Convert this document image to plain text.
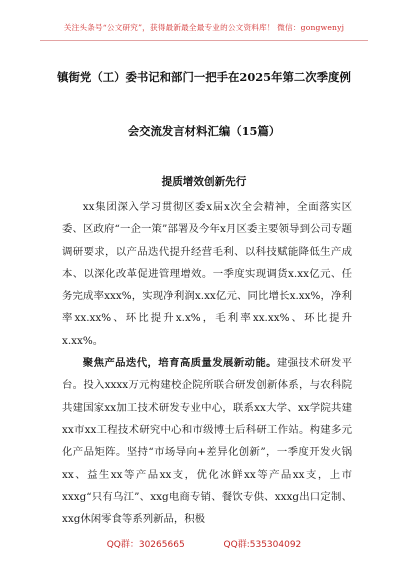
关注头条号“公文研究”，获得最新最全最专业的公文资料库！ 微信：gongwenyj
镇街党（工）委书记和部门一把手在2025年第二次季度例
会交流发言材料汇编（15篇）
提质增效创新先行

xx集团深入学习贯彻区委x届x次全会精神，全面落实区委、区政府“一企一策”部署及今年x月区委主要领导到公司专题调研要求，以产品迭代提升经营毛利、以科技赋能降低生产成本、以深化改革促进管理增效。一季度实现调货x.xx亿元、任务完成率xxx%，实现净利润x.xx亿元、同比增长x.xx%，净利率xx.xx%、环比提升x.x%，毛利率xx.xx%、环比提升x.xx%。

聚焦产品迭代，培育高质量发展新动能。建强技术研发平台。投入xxxx万元构建校企院所联合研发创新体系，与农科院共建国家xx加工技术研发专业中心，联系xx大学、xx学院共建xx市xx工程技术研究中心和市级博士后科研工作站。构建多元化产品矩阵。坚持“市场导向+差异化创新”，一季度开发火锅xx、益生xx等产品xx支，优化冰鲜xx等产品xx支，上市xxxg“只有乌江”、xxg电商专销、餐饮专供、xxxg出口定制、xxg休闲零食等系列新品，积极

QQ群：30265665	QQ群:535304092
